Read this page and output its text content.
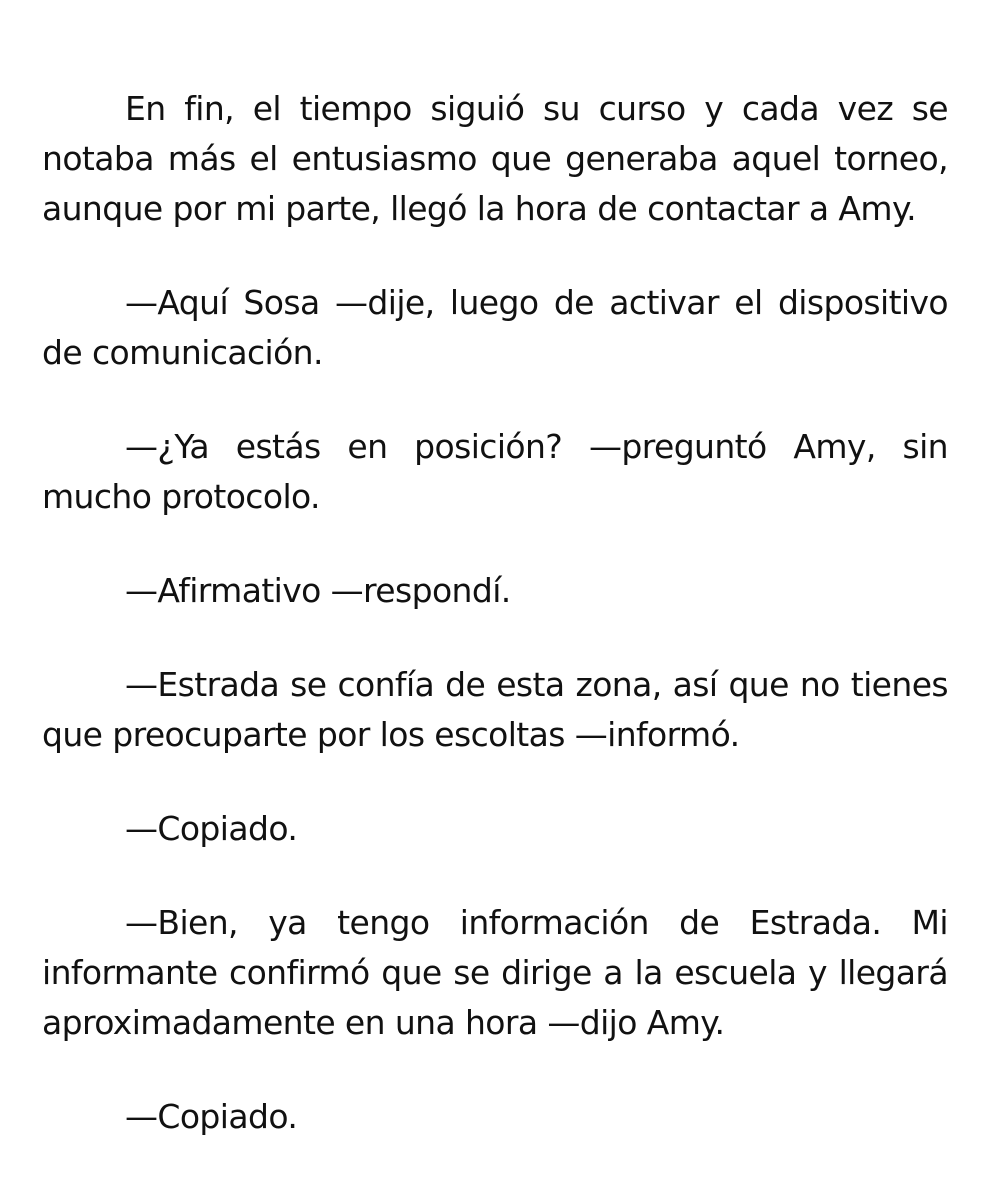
En fin, el tiempo siguió su curso y cada vez se notaba más el entusiasmo que generaba aquel torneo, aunque por mi parte, llegó la hora de contactar a Amy.

—Aquí Sosa —dije, luego de activar el dispositivo de comunicación.

—¿Ya estás en posición? —preguntó Amy, sin mucho protocolo.

—Afirmativo —respondí.

—Estrada se confía de esta zona, así que no tienes que preocuparte por los escoltas —informó.

—Copiado.

—Bien, ya tengo información de Estrada. Mi informante confirmó que se dirige a la escuela y llegará aproximadamente en una hora —dijo Amy.

—Copiado.
